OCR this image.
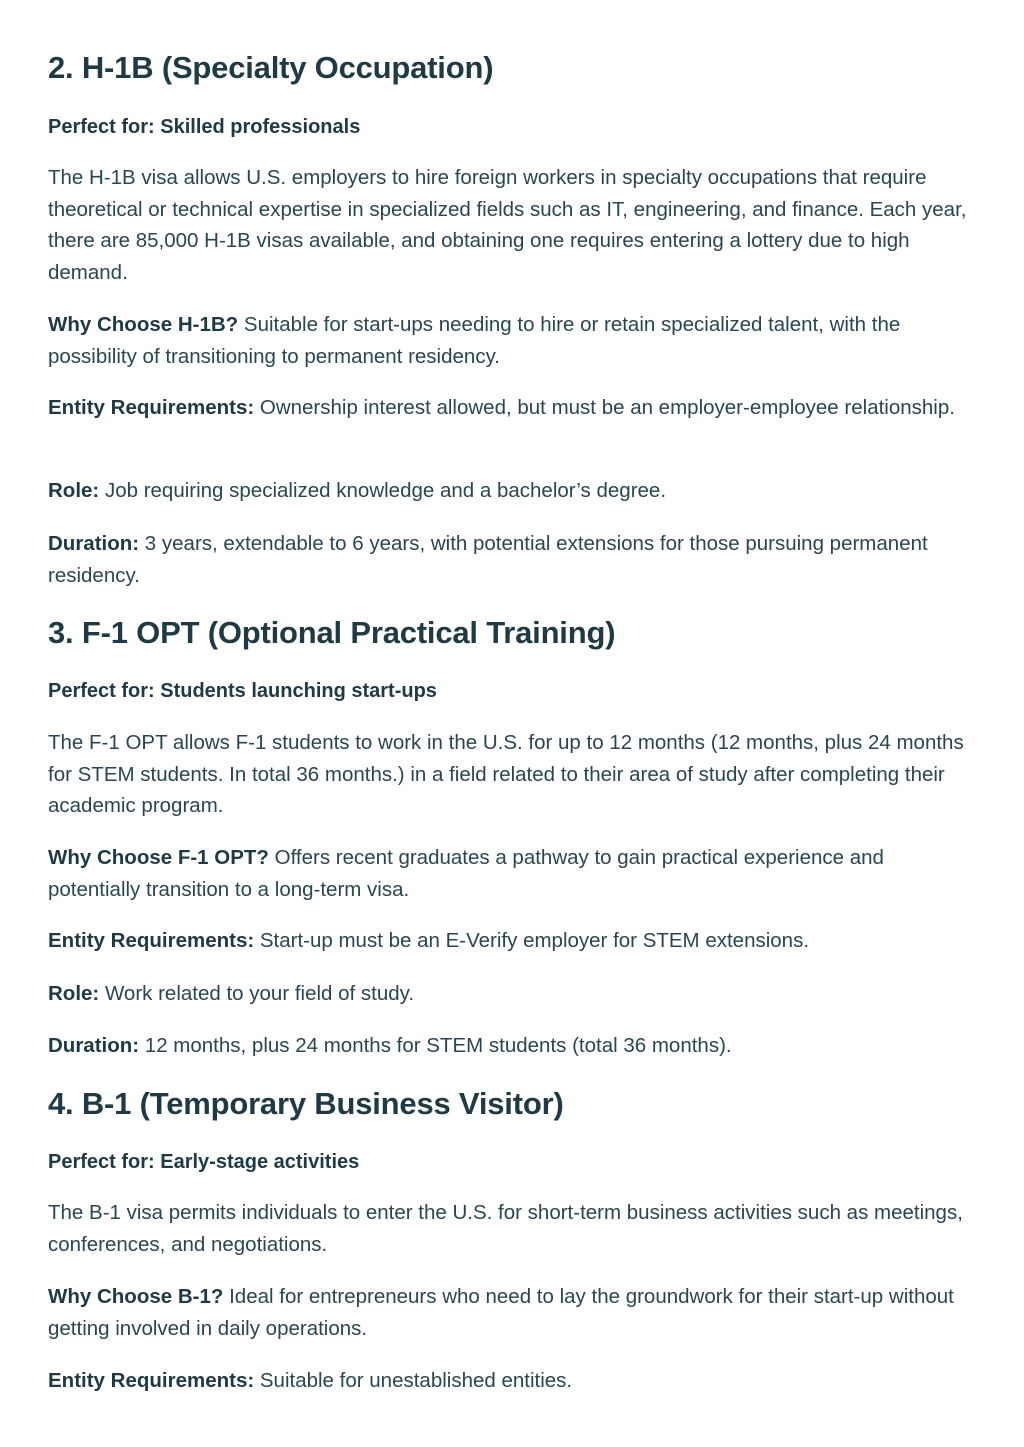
2. H-1B (Specialty Occupation)

Perfect for: Skilled professionals

The H-1B visa allows U.S. employers to hire foreign workers in specialty occupations that require theoretical or technical expertise in specialized fields such as IT, engineering, and finance. Each year, there are 85,000 H-1B visas available, and obtaining one requires entering a lottery due to high demand.

Why Choose H-1B? Suitable for start-ups needing to hire or retain specialized talent, with the possibility of transitioning to permanent residency.

Entity Requirements: Ownership interest allowed, but must be an employer-employee relationship.

Role: Job requiring specialized knowledge and a bachelor’s degree.

Duration: 3 years, extendable to 6 years, with potential extensions for those pursuing permanent residency.

3. F-1 OPT (Optional Practical Training)

Perfect for: Students launching start-ups

The F-1 OPT allows F-1 students to work in the U.S. for up to 12 months (12 months, plus 24 months for STEM students. In total 36 months.) in a field related to their area of study after completing their academic program.

Why Choose F-1 OPT? Offers recent graduates a pathway to gain practical experience and potentially transition to a long-term visa.

Entity Requirements: Start-up must be an E-Verify employer for STEM extensions.

Role: Work related to your field of study.

Duration: 12 months, plus 24 months for STEM students (total 36 months).

4. B-1 (Temporary Business Visitor)

Perfect for: Early-stage activities

The B-1 visa permits individuals to enter the U.S. for short-term business activities such as meetings, conferences, and negotiations.

Why Choose B-1? Ideal for entrepreneurs who need to lay the groundwork for their start-up without getting involved in daily operations.

Entity Requirements: Suitable for unestablished entities.
